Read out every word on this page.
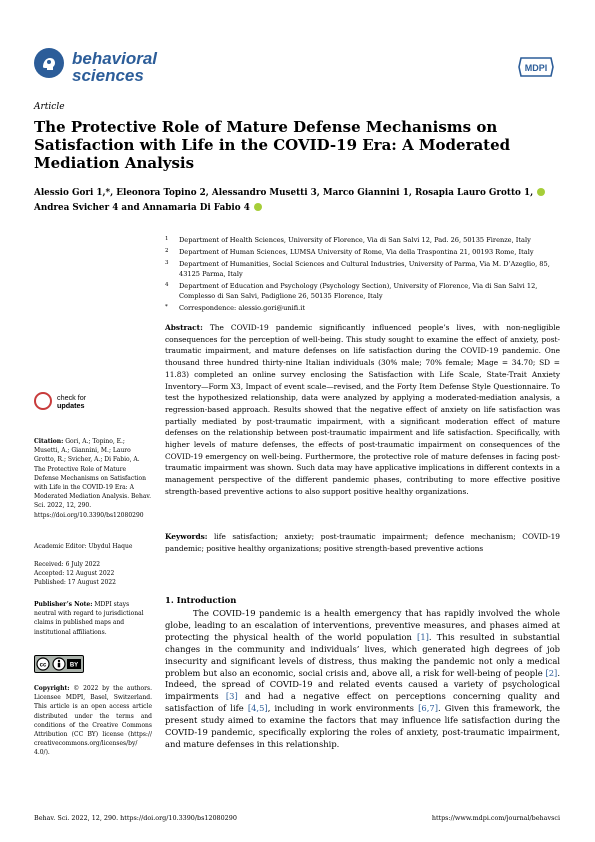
behavioral
sciences	MDPI
Article
The Protective Role of Mature Defense Mechanisms on Satisfaction with Life in the COVID-19 Era: A Moderated Mediation Analysis
Alessio Gori 1,*, Eleonora Topino 2, Alessandro Musetti 3, Marco Giannini 1, Rosapia Lauro Grotto 1,
Andrea Svicher 4 and Annamaria Di Fabio 4
1 Department of Health Sciences, University of Florence, Via di San Salvi 12, Pad. 26, 50135 Firenze, Italy
2 Department of Human Sciences, LUMSA University of Rome, Via della Traspontina 21, 00193 Rome, Italy
3 Department of Humanities, Social Sciences and Cultural Industries, University of Parma, Via M. D’Azeglio, 85, 43125 Parma, Italy
4 Department of Education and Psychology (Psychology Section), University of Florence, Via di San Salvi 12, Complesso di San Salvi, Padiglione 26, 50135 Florence, Italy
* Correspondence: alessio.gori@unifi.it
Abstract: The COVID-19 pandemic significantly influenced people’s lives, with non-negligible consequences for the perception of well-being. This study sought to examine the effect of anxiety, post-traumatic impairment, and mature defenses on life satisfaction during the COVID-19 pandemic. One thousand three hundred thirty-nine Italian individuals (30% male; 70% female; Mage = 34.70; SD = 11.83) completed an online survey enclosing the Satisfaction with Life Scale, State-Trait Anxiety Inventory—Form X3, Impact of event scale—revised, and the Forty Item Defense Style Questionnaire. To test the hypothesized relationship, data were analyzed by applying a moderated-mediation analysis, a regression-based approach. Results showed that the negative effect of anxiety on life satisfaction was partially mediated by post-traumatic impairment, with a significant moderation effect of mature defenses on the relationship between post-traumatic impairment and life satisfaction. Specifically, with higher levels of mature defenses, the effects of post-traumatic impairment on consequences of the COVID-19 emergency on well-being. Furthermore, the protective role of mature defenses in facing post-traumatic impairment was shown. Such data may have applicative implications in different contexts in a management perspective of the different pandemic phases, contributing to more effective positive strength-based preventive actions to also support positive healthy organizations.
Keywords: life satisfaction; anxiety; post-traumatic impairment; defence mechanism; COVID-19 pandemic; positive healthy organizations; positive strength-based preventive actions
1. Introduction
The COVID-19 pandemic is a health emergency that has rapidly involved the whole globe, leading to an escalation of interventions, preventive measures, and phases aimed at protecting the physical health of the world population [1]. This resulted in substantial changes in the community and individuals’ lives, which generated high degrees of job insecurity and significant levels of distress, thus making the pandemic not only a medical problem but also an economic, social crisis and, above all, a risk for well-being of people [2]. Indeed, the spread of COVID-19 and related events caused a variety of psychological impairments [3] and had a negative effect on perceptions concerning quality and satisfaction of life [4,5], including in work environments [6,7]. Given this framework, the present study aimed to examine the factors that may influence life satisfaction during the COVID-19 pandemic, specifically exploring the roles of anxiety, post-traumatic impairment, and mature defenses in this relationship.
check for
updates
Citation: Gori, A.; Topino, E.; Musetti, A.; Giannini, M.; Lauro Grotto, R.; Svicher, A.; Di Fabio, A. The Protective Role of Mature Defense Mechanisms on Satisfaction with Life in the COVID-19 Era: A Moderated Mediation Analysis. Behav. Sci. 2022, 12, 290. https://doi.org/10.3390/bs12080290
Academic Editor: Ubydul Haque
Received: 6 July 2022
Accepted: 12 August 2022
Published: 17 August 2022
Publisher’s Note: MDPI stays neutral with regard to jurisdictional claims in published maps and institutional affiliations.
cc	BY
Copyright: © 2022 by the authors. Licensee MDPI, Basel, Switzerland. This article is an open access article distributed under the terms and conditions of the Creative Commons Attribution (CC BY) license (https:// creativecommons.org/licenses/by/ 4.0/).
Behav. Sci. 2022, 12, 290. https://doi.org/10.3390/bs12080290	https://www.mdpi.com/journal/behavsci
